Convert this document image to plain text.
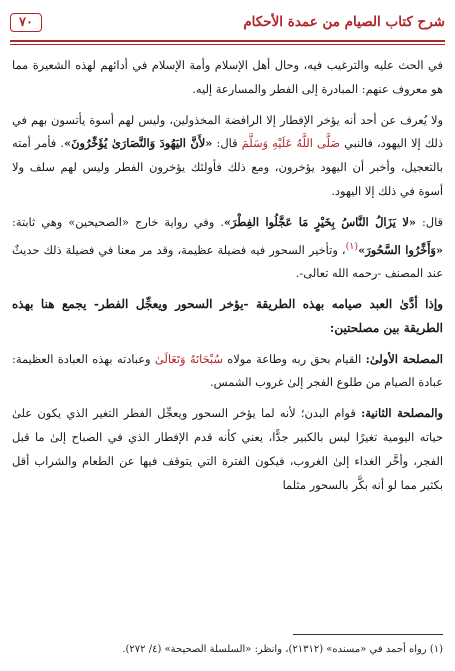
شرح كتاب الصيام من عمدة الأحكام
٧٠

في الحث عليه والترغيب فيه، وحال أهل الإسلام وأمة الإسلام في أدائهم لهذه الشعيرة مما هو معروف عنهم: المبادرة إلى الفطر والمسارعة إليه.

ولا يُعرف عن أحد أنه يؤخر الإفطار إلا الرافضة المخذولين، وليس لهم أسوة يأتسون بهم في ذلك إلا اليهود، فالنبي صَلَّى اللَّهُ عَلَيْهِ وَسَلَّمَ قال: «لأَنَّ اليَهُودَ وَالنَّصَارَىٰ يُؤَخِّرُونَ». فأمر أمته بالتعجيل، وأخبر أن اليهود يؤخرون، ومع ذلك فأولئك يؤخرون الفطر وليس لهم سلف ولا أسوة في ذلك إلا اليهود.

قال: «لا يَزَالُ النَّاسُ بِخَيْرٍ مَا عَجَّلُوا الفِطْرَ». وفي رواية خارج «الصحيحين» وهي ثابتة: «وَأَخِّرُوا السَّحُورَ»$^{(١)}$، وتأخير السحور فيه فضيلة عظيمة، وقد مر معنا في فضيلة ذلك حديثٌ عند المصنف -رحمه الله تعالى-.

وإذا أدَّىٰ العبد صيامه بهذه الطريقة -يؤخر السحور ويعجِّل الفطر- يجمع هنا بهذه الطريقة بين مصلحتين:

المصلحة الأولىٰ: القيام بحق ربه وطاعة مولاه سُبْحَانَهُ وَتَعَالَىٰ وعبادته بهذه العبادة العظيمة: عبادة الصيام من طلوع الفجر إلىٰ غروب الشمس.

والمصلحة الثانية: قوام البدن؛ لأنه لما يؤخر السحور ويعجِّل الفطر التغير الذي يكون علىٰ حياته اليومية تغيرًا ليس بالكبير جدًّا، يعني كأنه قدم الإفطار الذي في الصباح إلىٰ ما قبل الفجر، وأخَّر الغداء إلىٰ الغروب، فيكون الفترة التي يتوقف فيها عن الطعام والشراب أقل بكثير مما لو أنه بكَّر بالسحور مثلما

(١) رواه أحمد في «مسنده» (٢١٣١٢)، وانظر: «السلسلة الصحيحة» (٤/ ٢٧٢).
